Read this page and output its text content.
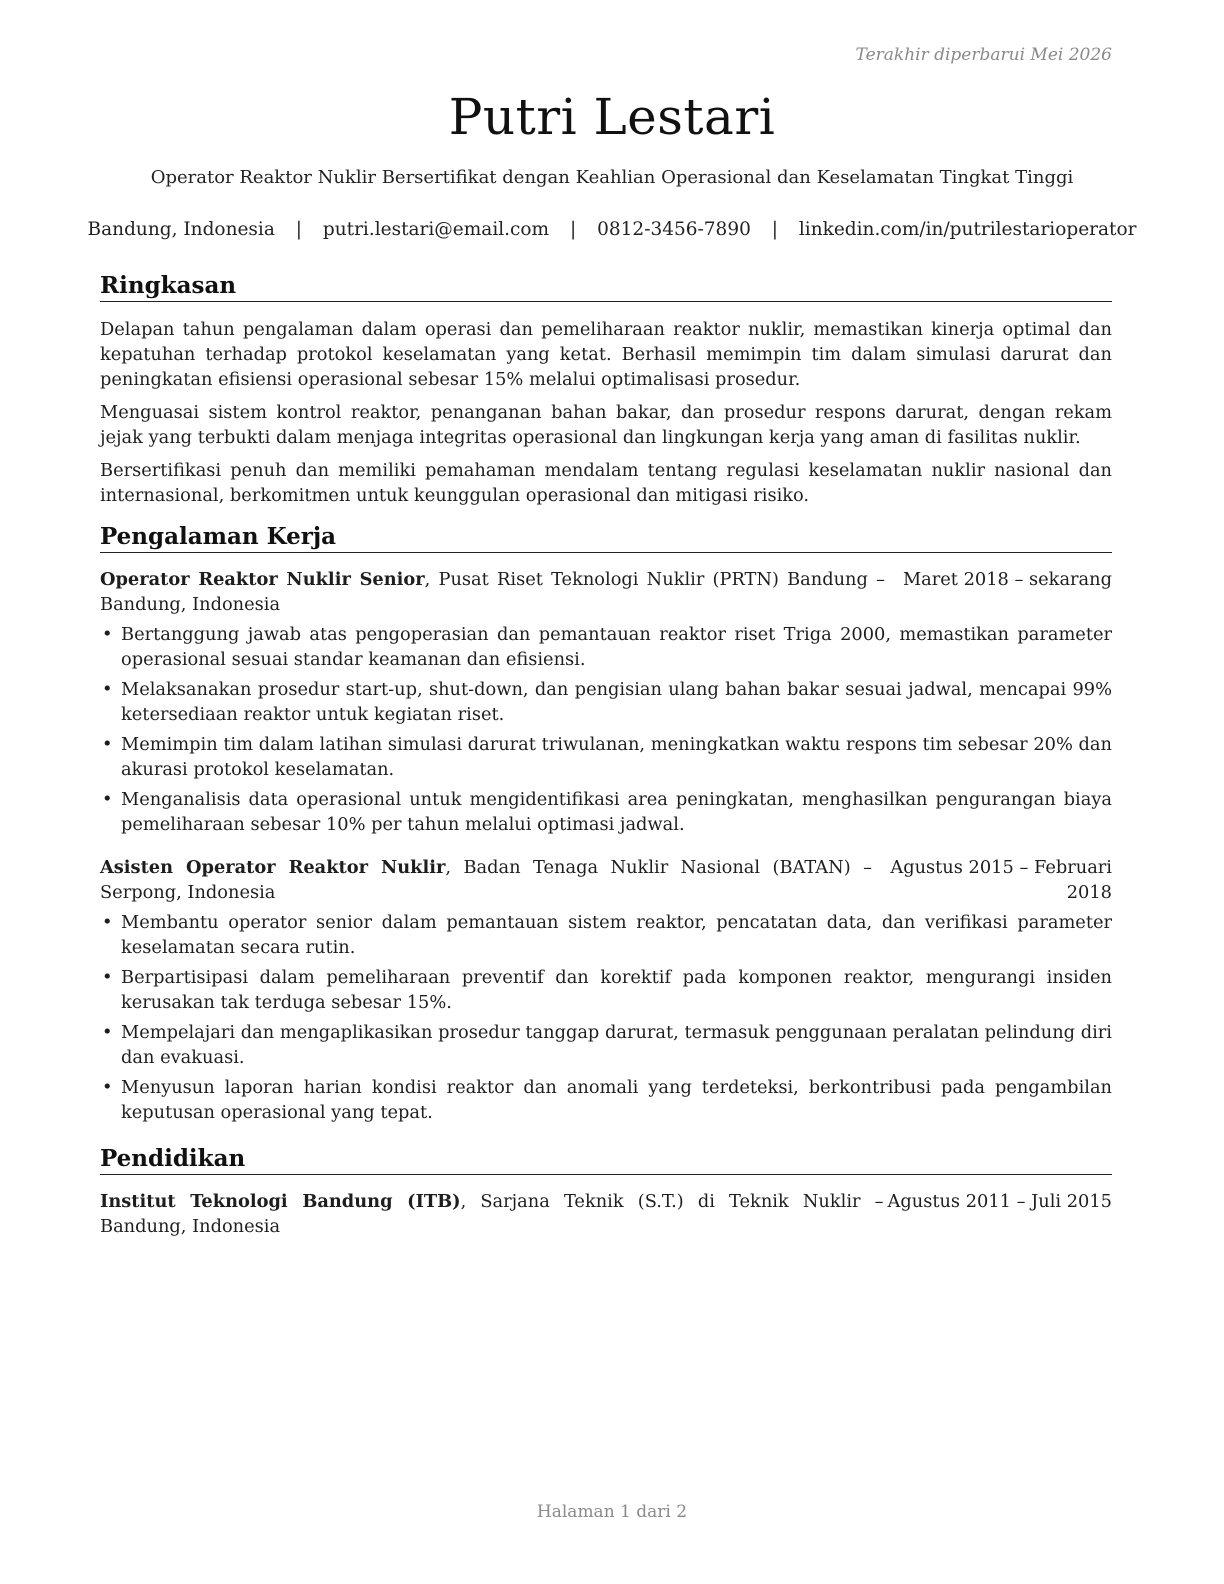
Terakhir diperbarui Mei 2026
Putri Lestari
Operator Reaktor Nuklir Bersertifikat dengan Keahlian Operasional dan Keselamatan Tingkat Tinggi
Bandung, Indonesia | putri.lestari@email.com | 0812-3456-7890 | linkedin.com/in/putrilestarioperator
Ringkasan

Delapan tahun pengalaman dalam operasi dan pemeliharaan reaktor nuklir, memastikan kinerja optimal dan kepatuhan terhadap protokol keselamatan yang ketat. Berhasil memimpin tim dalam simulasi darurat dan peningkatan efisiensi operasional sebesar 15% melalui optimalisasi prosedur.

Menguasai sistem kontrol reaktor, penanganan bahan bakar, dan prosedur respons darurat, dengan rekam jejak yang terbukti dalam menjaga integritas operasional dan lingkungan kerja yang aman di fasilitas nuklir.

Bersertifikasi penuh dan memiliki pemahaman mendalam tentang regulasi keselamatan nuklir nasional dan internasional, berkomitmen untuk keunggulan operasional dan mitigasi risiko.

Pengalaman Kerja
Operator Reaktor Nuklir Senior, Pusat Riset Teknologi Nuklir (PRTN) Bandung – Bandung, Indonesia
Maret 2018 – sekarang
• Bertanggung jawab atas pengoperasian dan pemantauan reaktor riset Triga 2000, memastikan parameter operasional sesuai standar keamanan dan efisiensi.
• Melaksanakan prosedur start-up, shut-down, dan pengisian ulang bahan bakar sesuai jadwal, mencapai 99% ketersediaan reaktor untuk kegiatan riset.
• Memimpin tim dalam latihan simulasi darurat triwulanan, meningkatkan waktu respons tim sebesar 20% dan akurasi protokol keselamatan.
• Menganalisis data operasional untuk mengidentifikasi area peningkatan, menghasilkan pengurangan biaya pemeliharaan sebesar 10% per tahun melalui optimasi jadwal.
Asisten Operator Reaktor Nuklir, Badan Tenaga Nuklir Nasional (BATAN) – Serpong, Indonesia
Agustus 2015 – Februari 2018
• Membantu operator senior dalam pemantauan sistem reaktor, pencatatan data, dan verifikasi parameter keselamatan secara rutin.
• Berpartisipasi dalam pemeliharaan preventif dan korektif pada komponen reaktor, mengurangi insiden kerusakan tak terduga sebesar 15%.
• Mempelajari dan mengaplikasikan prosedur tanggap darurat, termasuk penggunaan peralatan pelindung diri dan evakuasi.
• Menyusun laporan harian kondisi reaktor dan anomali yang terdeteksi, berkontribusi pada pengambilan keputusan operasional yang tepat.
Pendidikan
Institut Teknologi Bandung (ITB), Sarjana Teknik (S.T.) di Teknik Nuklir – Bandung, Indonesia
Agustus 2011 – Juli 2015
Halaman 1 dari 2
